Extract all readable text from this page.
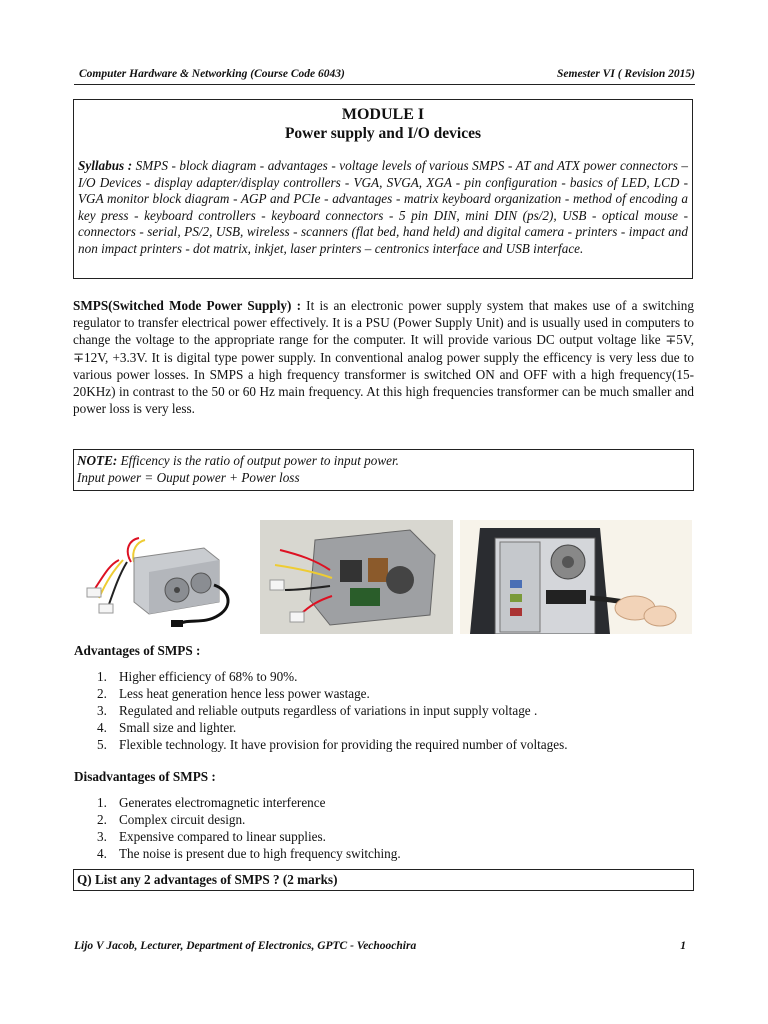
Computer Hardware & Networking (Course Code 6043)	Semester VI ( Revision 2015)
MODULE I
Power supply and I/O devices
Syllabus : SMPS - block diagram - advantages - voltage levels of various SMPS - AT and ATX power connectors – I/O Devices - display adapter/display controllers - VGA, SVGA, XGA - pin configuration - basics of LED, LCD - VGA monitor block diagram - AGP and PCIe - advantages - matrix keyboard organization - method of encoding a key press - keyboard controllers - keyboard connectors - 5 pin DIN, mini DIN (ps/2), USB - optical mouse - connectors - serial, PS/2, USB, wireless - scanners (flat bed, hand held) and digital camera - printers - impact and non impact printers - dot matrix, inkjet, laser printers – centronics interface and USB interface.
SMPS(Switched Mode Power Supply) : It is an electronic power supply system that makes use of a switching regulator to transfer electrical power effectively. It is a PSU (Power Supply Unit) and is usually used in computers to change the voltage to the appropriate range for the computer. It will provide various DC output voltage like ∓5V, ∓12V, +3.3V. It is digital type power supply. In conventional analog power supply the efficency is very less due to various power losses. In SMPS a high frequency transformer is switched ON and OFF with a high frequency(15-20KHz) in contrast to the 50 or 60 Hz main frequency. At this high frequencies transformer can be much smaller and power loss is very less.
NOTE: Efficency is the ratio of output power to input power.
Input power = Ouput power + Power loss
Advantages of SMPS :
1. Higher efficiency of 68% to 90%.
2. Less heat generation hence less power wastage.
3. Regulated and reliable outputs regardless of variations in input supply voltage .
4. Small size and lighter.
5. Flexible technology. It have provision for providing the required number of voltages.
Disadvantages of SMPS :
1. Generates electromagnetic interference
2. Complex circuit design.
3. Expensive compared to linear supplies.
4. The noise is present due to high frequency switching.
Q) List any 2 advantages of SMPS ? (2 marks)
Lijo V Jacob, Lecturer, Department of Electronics, GPTC - Vechoochira	1
